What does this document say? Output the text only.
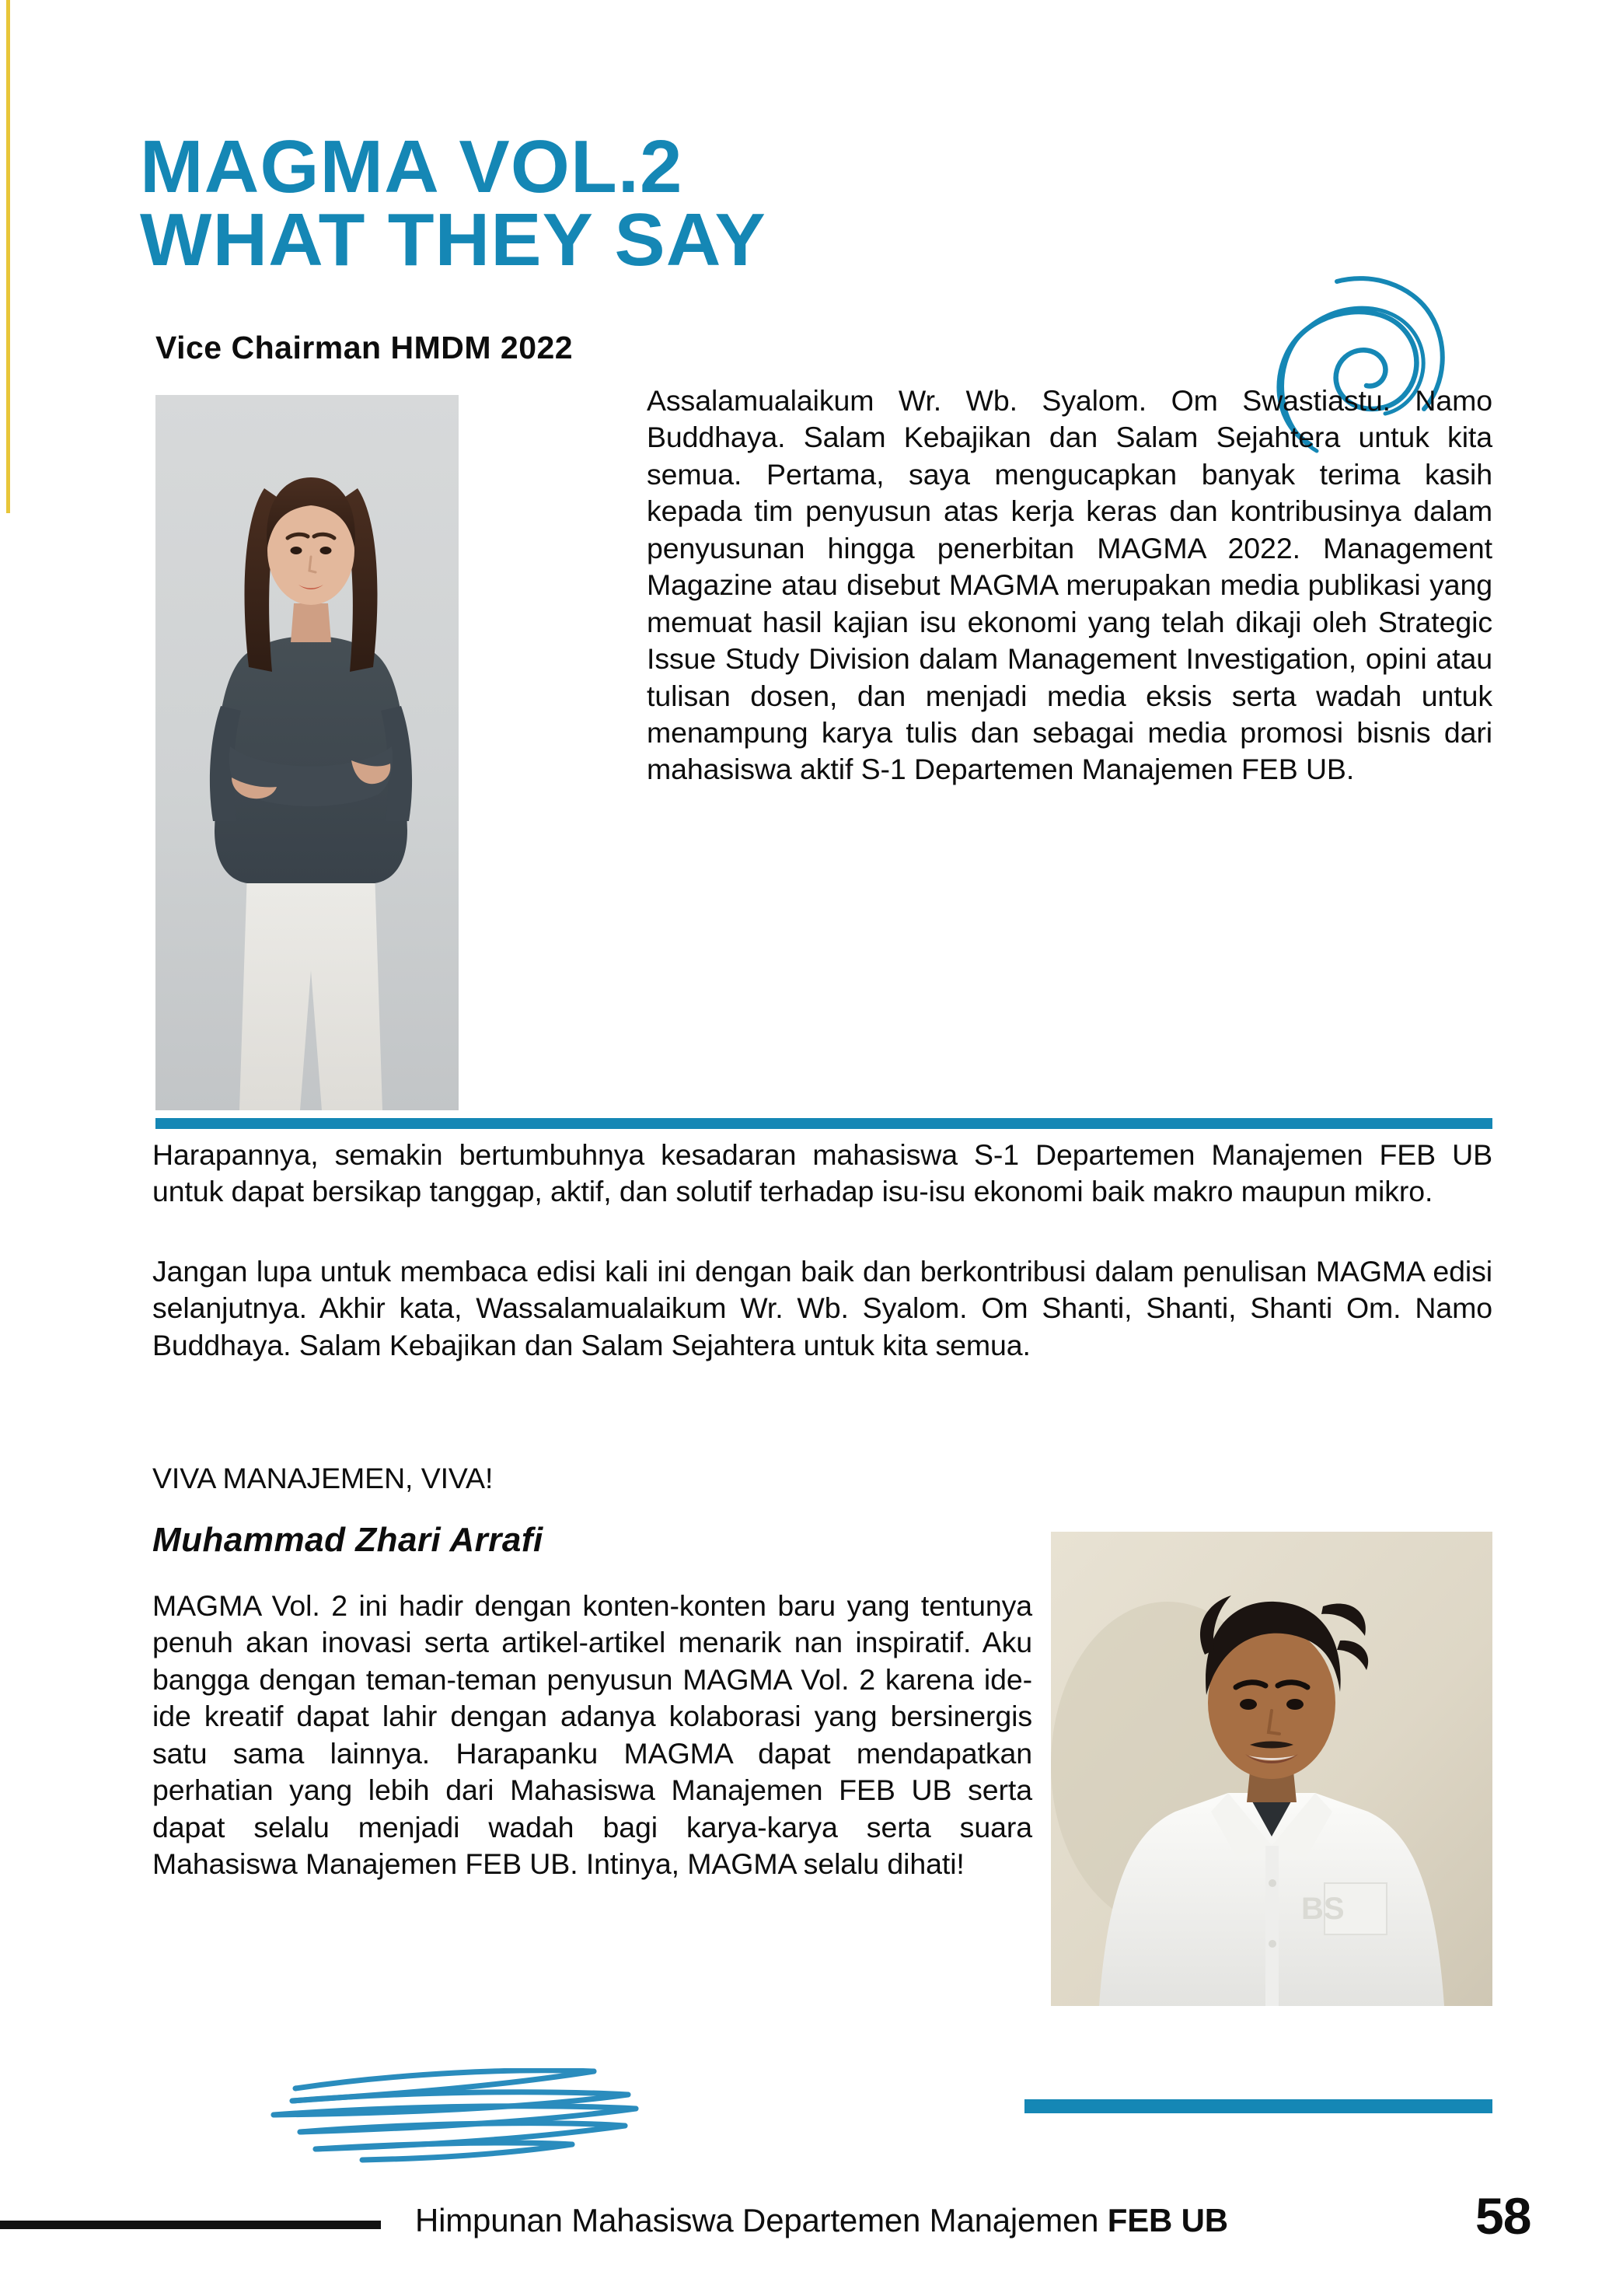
MAGMA VOL.2
WHAT THEY SAY
Vice Chairman HMDM 2022
Assalamualaikum Wr. Wb. Syalom. Om Swastiastu. Namo Buddhaya. Salam Kebajikan dan Salam Sejahtera untuk kita semua. Pertama, saya mengucapkan banyak terima kasih kepada tim penyusun atas kerja keras dan kontribusinya dalam penyusunan hingga penerbitan MAGMA 2022. Management Magazine atau disebut MAGMA merupakan media publikasi yang memuat hasil kajian isu ekonomi yang telah dikaji oleh Strategic Issue Study Division dalam Management Investigation, opini atau tulisan dosen, dan menjadi media eksis serta wadah untuk menampung karya tulis dan sebagai media promosi bisnis dari mahasiswa aktif S-1 Departemen Manajemen FEB UB.
Harapannya, semakin bertumbuhnya kesadaran mahasiswa S-1 Departemen Manajemen FEB UB untuk dapat bersikap tanggap, aktif, dan solutif terhadap isu-isu ekonomi baik makro maupun mikro.
Jangan lupa untuk membaca edisi kali ini dengan baik dan berkontribusi dalam penulisan MAGMA edisi selanjutnya. Akhir kata, Wassalamualaikum Wr. Wb. Syalom. Om Shanti, Shanti, Shanti Om. Namo Buddhaya. Salam Kebajikan dan Salam Sejahtera untuk kita semua.
VIVA MANAJEMEN, VIVA!
Muhammad Zhari Arrafi
BS
MAGMA Vol. 2 ini hadir dengan konten-konten baru yang tentunya penuh akan inovasi serta artikel-artikel menarik nan inspiratif. Aku bangga dengan teman-teman penyusun MAGMA Vol. 2 karena ide-ide kreatif dapat lahir dengan adanya kolaborasi yang bersinergis satu sama lainnya. Harapanku MAGMA dapat mendapatkan perhatian yang lebih dari Mahasiswa Manajemen FEB UB serta dapat selalu menjadi wadah bagi karya-karya serta suara Mahasiswa Manajemen FEB UB. Intinya, MAGMA selalu dihati!
Himpunan Mahasiswa Departemen Manajemen FEB UB	58
